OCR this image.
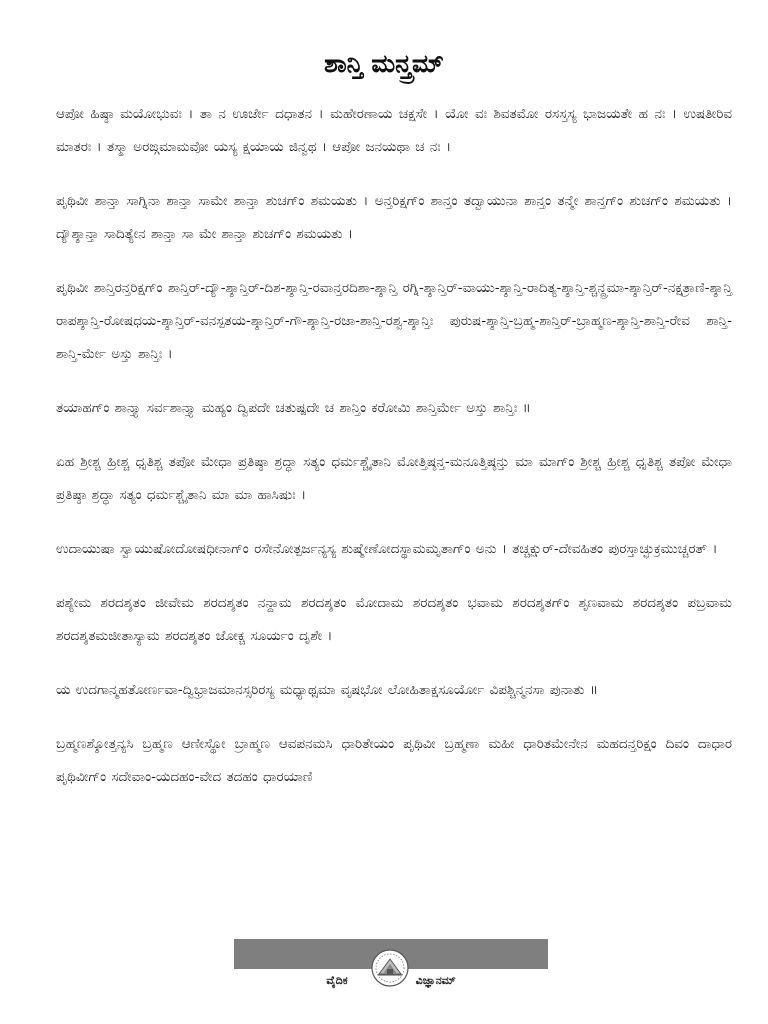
ಶಾನ್ತಿ ಮನ್ತ್ರಮ್

ಆಪೋ ಹಿಷ್ಠಾ ಮಯೋಭುವಃ । ತಾ ನ ಊರ್ಜೇ ದಧಾತನ । ಮಹೇರಣಾಯ ಚಕ್ಷಸೇ । ಯೋ ವಃ ಶಿವತಮೋ ರಸಸ್ತಸ್ಯ ಭಾಜಯತೇ ಹ ನಃ । ಉಷತೀರಿವ ಮಾತರಃ । ತಸ್ಮಾ ಅರಙ್ಗಮಾಮವೋ ಯಸ್ಯ ಕ್ಷಯಾಯ ಜಿನ್ವಥ । ಆಪೋ ಜನಯಥಾ ಚ ನಃ ।

ಪೃಥಿವೀ ಶಾನ್ತಾ ಸಾಗ್ನಿನಾ ಶಾನ್ತಾ ಸಾಮೇ ಶಾನ್ತಾ ಶುಚಗ್‍ಂ ಶಮಯತು । ಅನ್ತರಿಕ್ಷಗ್‍ಂ ಶಾನ್ತಂ ತದ್ವಾಯುನಾ ಶಾನ್ತಂ ತನ್ಮೇ ಶಾನ್ತಗ್‍ಂ ಶುಚಗ್‍ಂ ಶಮಯತು । ದ್ಯೌಶ್ಶಾನ್ತಾ ಸಾದಿತ್ಯೇನ ಶಾನ್ತಾ ಸಾ ಮೇ ಶಾನ್ತಾ ಶುಚಗ್‍ಂ ಶಮಯತು ।

ಪೃಥಿವೀ ಶಾನ್ತಿರನ್ತರಿಕ್ಷಗ್‍ಂ ಶಾನ್ತಿರ್-ದ್ಯೌ-ಶ್ಶಾನ್ತಿರ್-ದಿಶ-ಶ್ಶಾನ್ತಿ-ರವಾನ್ತರದಿಶಾ-ಶ್ಶಾನ್ತಿ ರಗ್ನಿ-ಶ್ಶಾನ್ತಿರ್-ವಾಯು-ಶ್ಶಾನ್ತಿ-ರಾದಿತ್ಯ-ಶ್ಶಾನ್ತಿ-ಶ್ಚನ್ದ್ರಮಾ-ಶ್ಶಾನ್ತಿರ್-ನಕ್ಷತ್ರಾಣಿ-ಶ್ಶಾನ್ತಿ ರಾಪಶ್ಶಾನ್ತಿ-ರೋಷಧಯ-ಶ್ಶಾನ್ತಿರ್-ವನಸ್ಪತಯ-ಶ್ಶಾನ್ತಿರ್-ಗೌ-ಶ್ಶಾನ್ತಿ-ರಜಾ-ಶಾನ್ತಿ-ರಶ್ವ-ಶ್ಶಾನ್ತಿಃ ಪುರುಷ-ಶ್ಶಾನ್ತಿ-ಬ್ರಹ್ಮ-ಶಾನ್ತಿರ್-ಬ್ರಾಹ್ಮಣ-ಶ್ಶಾನ್ತಿ-ಶಾನ್ತಿ-ರೇವ ಶಾನ್ತಿ-ಶಾನ್ತಿ-ರ್ಮೇ ಅಸ್ತು ಶಾನ್ತಿಃ ।

ತಯಾಹಗ್‍ಂ ಶಾನ್ತ್ಯಾ ಸರ್ವಶಾನ್ತ್ಯಾ ಮಹ್ಯಂ ದ್ವಿಪದೇ ಚತುಷ್ಪದೇ ಚ ಶಾನ್ತಿಂ ಕರೋಮಿ ಶಾನ್ತಿರ್ಮೇ ಅಸ್ತು ಶಾನ್ತಿಃ ॥

ಏಹ ಶ್ರೀಶ್ಚ ಹ್ರೀಶ್ಚ ಧೃತಿಶ್ಚ ತಪೋ ಮೇಧಾ ಪ್ರತಿಷ್ಠಾ ಶ್ರದ್ಧಾ ಸತ್ಯಂ ಧರ್ಮಶ್ಚೈತಾನಿ ಮೋತ್ತಿಷ್ಠನ್ತ-ಮನೂತ್ತಿಷ್ಠನ್ತು ಮಾ ಮಾಗ್‍ಂ ಶ್ರೀಶ್ಚ ಹ್ರೀಶ್ಚ ಧೃತಿಶ್ಚ ತಪೋ ಮೇಧಾ ಪ್ರತಿಷ್ಠಾ ಶ್ರದ್ಧಾ ಸತ್ಯಂ ಧರ್ಮಶ್ಚೈತಾನಿ ಮಾ ಮಾ ಹಾಸಿಷುಃ ।

ಉದಾಯುಷಾ ಸ್ವಾಯುಷೋದೋಷಧೀನಾಗ್‍ಂ ರಸೇನೋತ್ಪರ್ಜನ್ಯಸ್ಯ ಶುಷ್ಮೇಣೋದಸ್ಥಾಮಮೃತಾಗ್‍ಂ ಅನು । ತಚ್ಚಕ್ಷುರ್-ದೇವಹಿತಂ ಪುರಸ್ತಾಚ್ಛುಕ್ರಮುಚ್ಚರತ್ ।

ಪಶ್ಯೇಮ ಶರದಶ್ಶತಂ ಜೀವೇಮ ಶರದಶ್ಶತಂ ನನ್ದಾಮ ಶರದಶ್ಶತಂ ಮೋದಾಮ ಶರದಶ್ಶತಂ ಭವಾಮ ಶರದಶ್ಶತಗ್‍ಂ ಶೃಣವಾಮ ಶರದಶ್ಶತಂ ಪಬ್ರವಾಮ ಶರದಶ್ಶತಮಜೀತಾಸ್ಯಾಮ ಶರದಶ್ಶತಂ ಜೋಕ್ಚ ಸೂರ್ಯಂ ದೃಶೇ ।

ಯ ಉದಗಾನ್ಮಹತೋರ್ಣವಾ-ದ್ವಿಭ್ರಾಜಮಾನಸ್ಸರಿರಸ್ಯ ಮಧ್ಯಾಥ್ಸಮಾ ವೃಷಭೋ ಲೋಹಿತಾಕ್ಷಸೂರ್ಯೋ ವಿಪಶ್ಚಿನ್ಮನಸಾ ಪುನಾತು ॥

ಬ್ರಹ್ಮಣಶ್ಶೋತ್ತನ್ಯಸಿ ಬ್ರಹ್ಮಣ ಆಣೀಸ್ಥೋ ಬ್ರಾಹ್ಮಣ ಆವಪನಮಸಿ ಧಾರಿತೇಯಂ ಪೃಥಿವೀ ಬ್ರಹ್ಮಣಾ ಮಹೀ ಧಾರಿತಮೇನೇನ ಮಹದನ್ತರಿಕ್ಷಂ ದಿವಂ ದಾಧಾರ ಪೃಥಿವೀಗ್‍ಂ ಸದೇವಾಂ-ಯದಹಂ-ವೇದ ತದಹಂ ಧಾರಯಾಣಿ

ವೈದಿಕ	ವಿಜ್ಞಾನಮ್
